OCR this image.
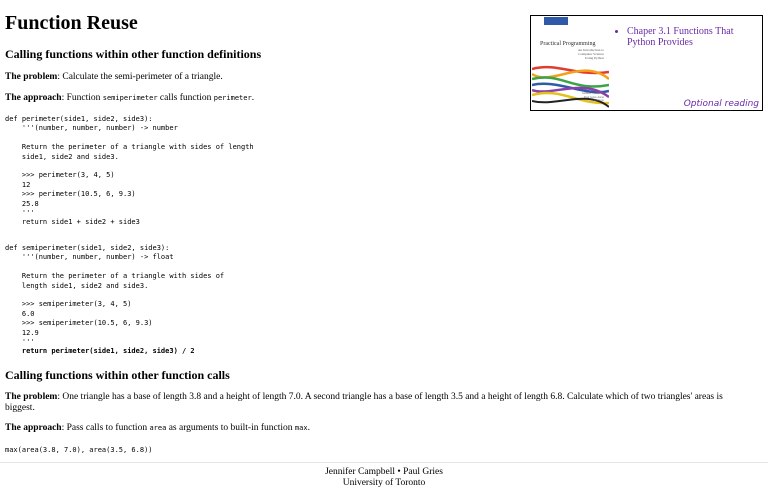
Function Reuse
Calling functions within other function definitions

The problem: Calculate the semi-perimeter of a triangle.

The approach: Function semiperimeter calls function perimeter.

def perimeter(side1, side2, side3):
'''(number, number, number) -> number

Return the perimeter of a triangle with sides of length
side1, side2 and side3.

>>> perimeter(3, 4, 5)
12
>>> perimeter(10.5, 6, 9.3)
25.8
'''
return side1 + side2 + side3
def semiperimeter(side1, side2, side3):
'''(number, number, number) -> float

Return the perimeter of a triangle with sides of
length side1, side2 and side3.

>>> semiperimeter(3, 4, 5)
6.0
>>> semiperimeter(10.5, 6, 9.3)
12.9
'''
return perimeter(side1, side2, side3) / 2
Calling functions within other function calls

The problem: One triangle has a base of length 3.8 and a height of length 7.0. A second triangle has a base of length 3.5 and a height of length 6.8. Calculate which of two triangles' areas is biggest.

The approach: Pass calls to function area as arguments to built-in function max.

max(area(3.8, 7.0), area(3.5, 6.8))
Practical Programming
An Introduction to Computer Science Using Python
Jennifer Campbell Paul Gries Jason Montojo
• Chaper 3.1 Functions That Python Provides
Optional reading
Jennifer Campbell • Paul Gries
University of Toronto
